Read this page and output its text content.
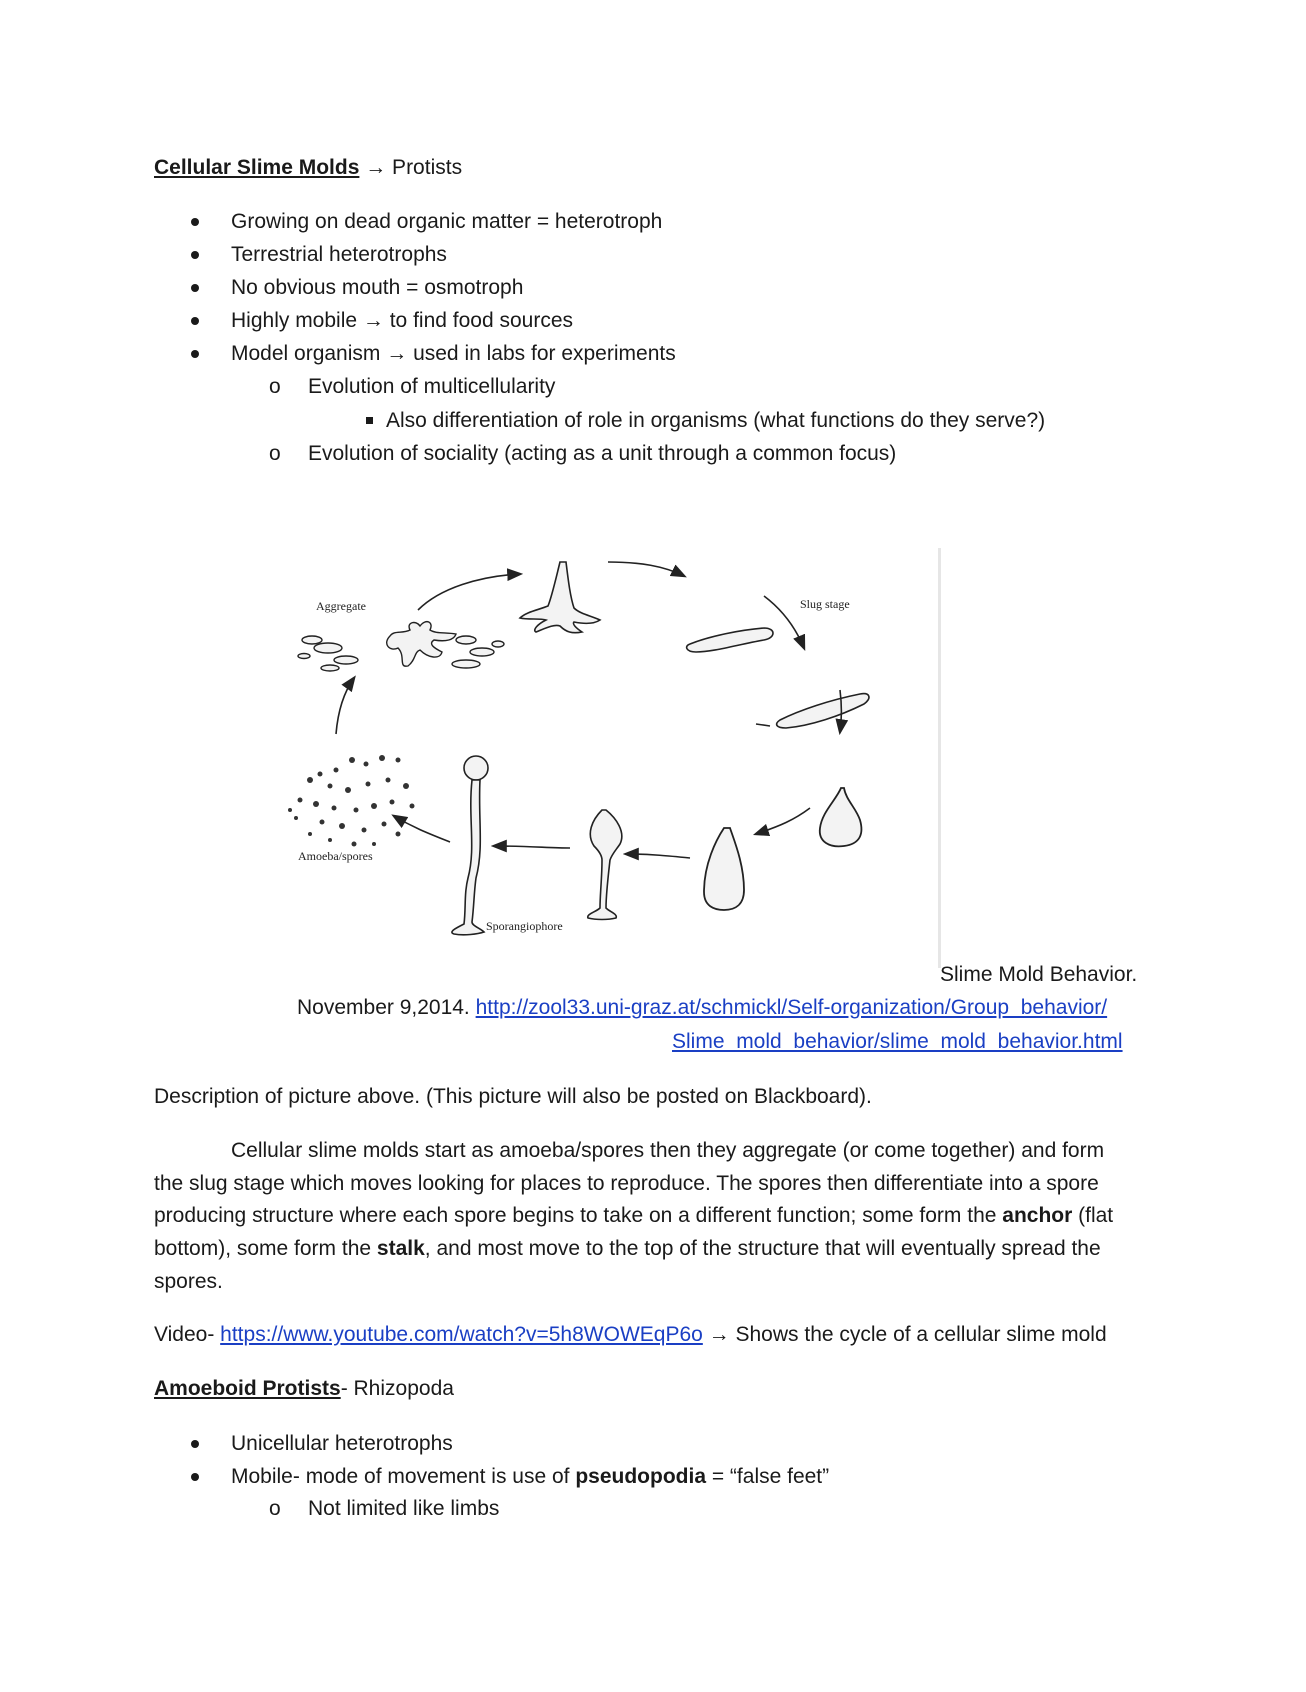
Cellular Slime Molds → Protists
Growing on dead organic matter = heterotroph
Terrestrial heterotrophs
No obvious mouth = osmotroph
Highly mobile → to find food sources
Model organism → used in labs for experiments
o Evolution of multicellularity
Also differentiation of role in organisms (what functions do they serve?)
o Evolution of sociality (acting as a unit through a common focus)
Aggregate	Slug stage
Amoeba/spores
Sporangiophore
Slime Mold Behavior.
November 9,2014. http://zool33.uni-graz.at/schmickl/Self-organization/Group_behavior/
Slime_mold_behavior/slime_mold_behavior.html
Description of picture above. (This picture will also be posted on Blackboard).
Cellular slime molds start as amoeba/spores then they aggregate (or come together) and form
the slug stage which moves looking for places to reproduce. The spores then differentiate into a spore
producing structure where each spore begins to take on a different function; some form the anchor (flat
bottom), some form the stalk, and most move to the top of the structure that will eventually spread the
spores.
Video- https://www.youtube.com/watch?v=5h8WOWEqP6o → Shows the cycle of a cellular slime mold
Amoeboid Protists- Rhizopoda
Unicellular heterotrophs
Mobile- mode of movement is use of pseudopodia = “false feet”
o Not limited like limbs
